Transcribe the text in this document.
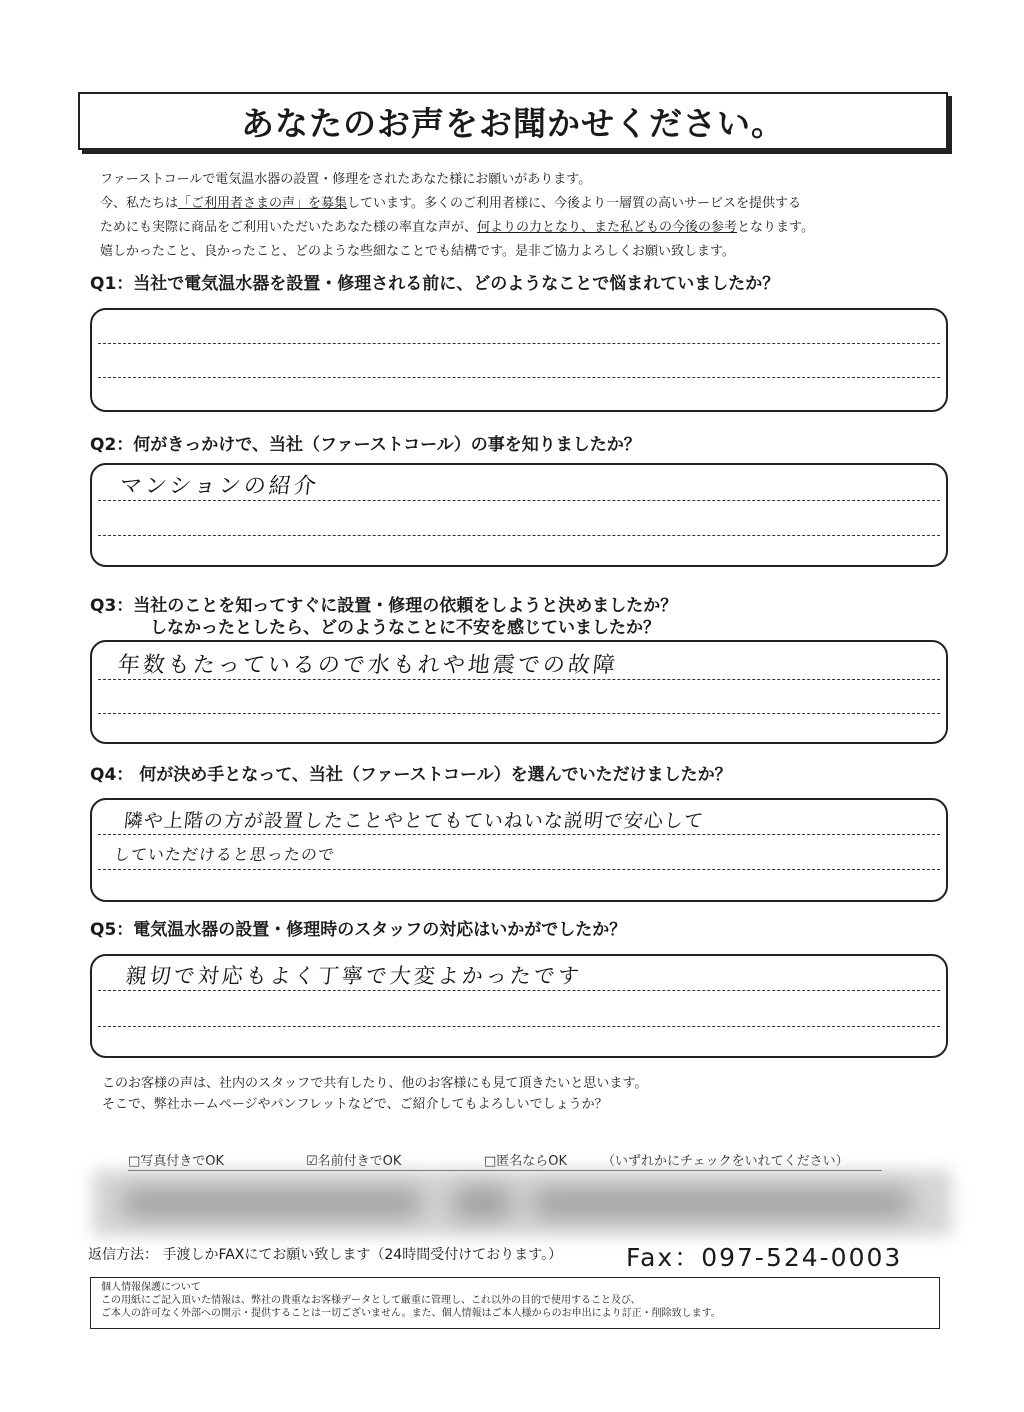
あなたのお声をお聞かせください。

ファーストコールで電気温水器の設置・修理をされたあなた様にお願いがあります。

今、私たちは「ご利用者さまの声」を募集しています。多くのご利用者様に、今後より一層質の高いサービスを提供する

ためにも実際に商品をご利用いただいたあなた様の率直な声が、何よりの力となり、また私どもの今後の参考となります。

嬉しかったこと、良かったこと、どのような些細なことでも結構です。是非ご協力よろしくお願い致します。

Q1：当社で電気温水器を設置・修理される前に、どのようなことで悩まれていましたか？
Q2：何がきっかけで、当社（ファーストコール）の事を知りましたか？
マンションの紹介
Q3：当社のことを知ってすぐに設置・修理の依頼をしようと決めましたか？
しなかったとしたら、どのようなことに不安を感じていましたか？
年数もたっているので水もれや地震での故障
Q4： 何が決め手となって、当社（ファーストコール）を選んでいただけましたか？
隣や上階の方が設置したことやとてもていねいな説明で安心して
していただけると思ったので
Q5：電気温水器の設置・修理時のスタッフの対応はいかがでしたか？
親切で対応もよく丁寧で大変よかったです

このお客様の声は、社内のスタッフで共有したり、他のお客様にも見て頂きたいと思います。

そこで、弊社ホームページやパンフレットなどで、ご紹介してもよろしいでしょうか？

□写真付きでOK	☑名前付きでOK	□匿名ならOK	（いずれかにチェックをいれてください）
返信方法： 手渡しかFAXにてお願い致します（24時間受付けております。）	Fax：097-524-0003

個人情報保護について

この用紙にご記入頂いた情報は、弊社の貴重なお客様データとして厳重に管理し、これ以外の目的で使用すること及び、

ご本人の許可なく外部への開示・提供することは一切ございません。また、個人情報はご本人様からのお申出により訂正・削除致します。
